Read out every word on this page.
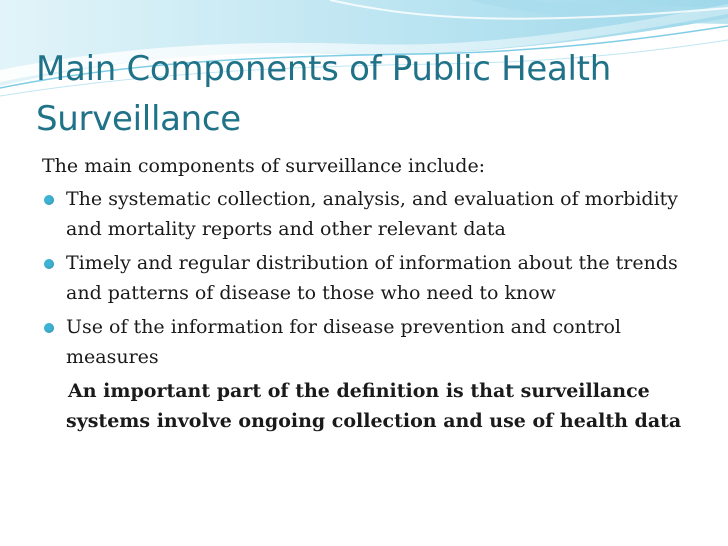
Main Components of Public Health Surveillance

The main components of surveillance include:

The systematic collection, analysis, and evaluation of morbidity and mortality reports and other relevant data
Timely and regular distribution of information about the trends and patterns of disease to those who need to know
Use of the information for disease prevention and control measures

An important part of the definition is that surveillance systems involve ongoing collection and use of health data
